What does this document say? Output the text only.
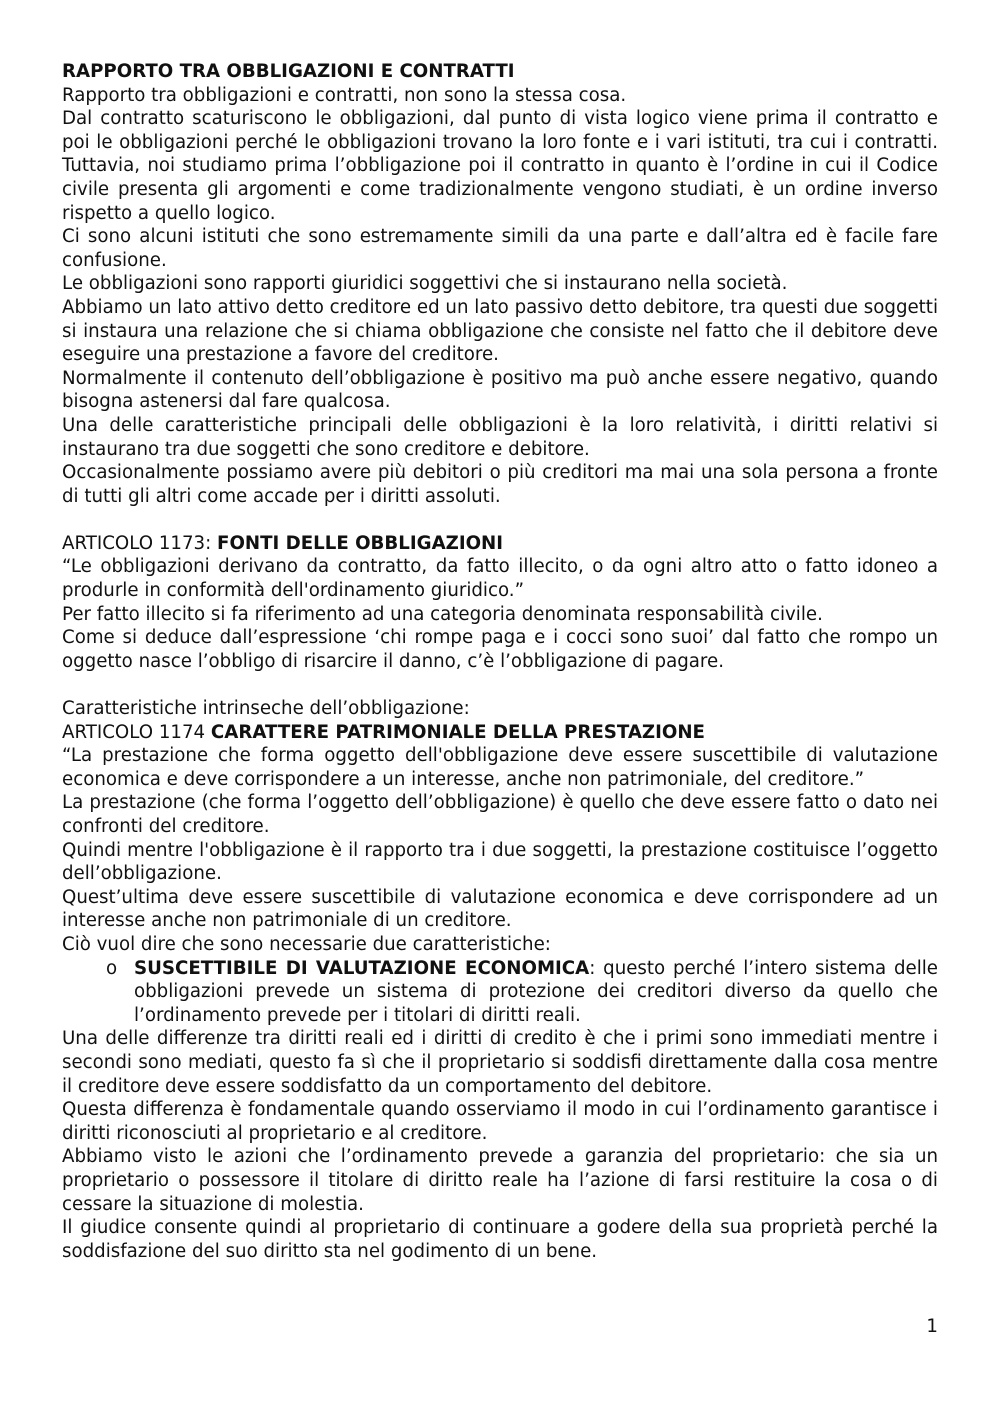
RAPPORTO TRA OBBLIGAZIONI E CONTRATTI

Rapporto tra obbligazioni e contratti, non sono la stessa cosa.

Dal contratto scaturiscono le obbligazioni, dal punto di vista logico viene prima il contratto e poi le obbligazioni perché le obbligazioni trovano la loro fonte e i vari istituti, tra cui i contratti. Tuttavia, noi studiamo prima l’obbligazione poi il contratto in quanto è l’ordine in cui il Codice civile presenta gli argomenti e come tradizionalmente vengono studiati, è un ordine inverso rispetto a quello logico.

Ci sono alcuni istituti che sono estremamente simili da una parte e dall’altra ed è facile fare confusione.

Le obbligazioni sono rapporti giuridici soggettivi che si instaurano nella società.

Abbiamo un lato attivo detto creditore ed un lato passivo detto debitore, tra questi due soggetti si instaura una relazione che si chiama obbligazione che consiste nel fatto che il debitore deve eseguire una prestazione a favore del creditore.

Normalmente il contenuto dell’obbligazione è positivo ma può anche essere negativo, quando bisogna astenersi dal fare qualcosa.

Una delle caratteristiche principali delle obbligazioni è la loro relatività, i diritti relativi si instaurano tra due soggetti che sono creditore e debitore.

Occasionalmente possiamo avere più debitori o più creditori ma mai una sola persona a fronte di tutti gli altri come accade per i diritti assoluti.

ARTICOLO 1173: FONTI DELLE OBBLIGAZIONI

“Le obbligazioni derivano da contratto, da fatto illecito, o da ogni altro atto o fatto idoneo a produrle in conformità dell'ordinamento giuridico.”

Per fatto illecito si fa riferimento ad una categoria denominata responsabilità civile.

Come si deduce dall’espressione ‘chi rompe paga e i cocci sono suoi’ dal fatto che rompo un oggetto nasce l’obbligo di risarcire il danno, c’è l’obbligazione di pagare.

Caratteristiche intrinseche dell’obbligazione:

ARTICOLO 1174 CARATTERE PATRIMONIALE DELLA PRESTAZIONE

“La prestazione che forma oggetto dell'obbligazione deve essere suscettibile di valutazione economica e deve corrispondere a un interesse, anche non patrimoniale, del creditore.”

La prestazione (che forma l’oggetto dell’obbligazione) è quello che deve essere fatto o dato nei confronti del creditore.

Quindi mentre l'obbligazione è il rapporto tra i due soggetti, la prestazione costituisce l’oggetto dell’obbligazione.

Quest’ultima deve essere suscettibile di valutazione economica e deve corrispondere ad un interesse anche non patrimoniale di un creditore.

Ciò vuol dire che sono necessarie due caratteristiche:

o SUSCETTIBILE DI VALUTAZIONE ECONOMICA: questo perché l’intero sistema delle obbligazioni prevede un sistema di protezione dei creditori diverso da quello che l’ordinamento prevede per i titolari di diritti reali.

Una delle differenze tra diritti reali ed i diritti di credito è che i primi sono immediati mentre i secondi sono mediati, questo fa sì che il proprietario si soddisfi direttamente dalla cosa mentre il creditore deve essere soddisfatto da un comportamento del debitore.

Questa differenza è fondamentale quando osserviamo il modo in cui l’ordinamento garantisce i diritti riconosciuti al proprietario e al creditore.

Abbiamo visto le azioni che l’ordinamento prevede a garanzia del proprietario: che sia un proprietario o possessore il titolare di diritto reale ha l’azione di farsi restituire la cosa o di cessare la situazione di molestia.

Il giudice consente quindi al proprietario di continuare a godere della sua proprietà perché la soddisfazione del suo diritto sta nel godimento di un bene.

1
